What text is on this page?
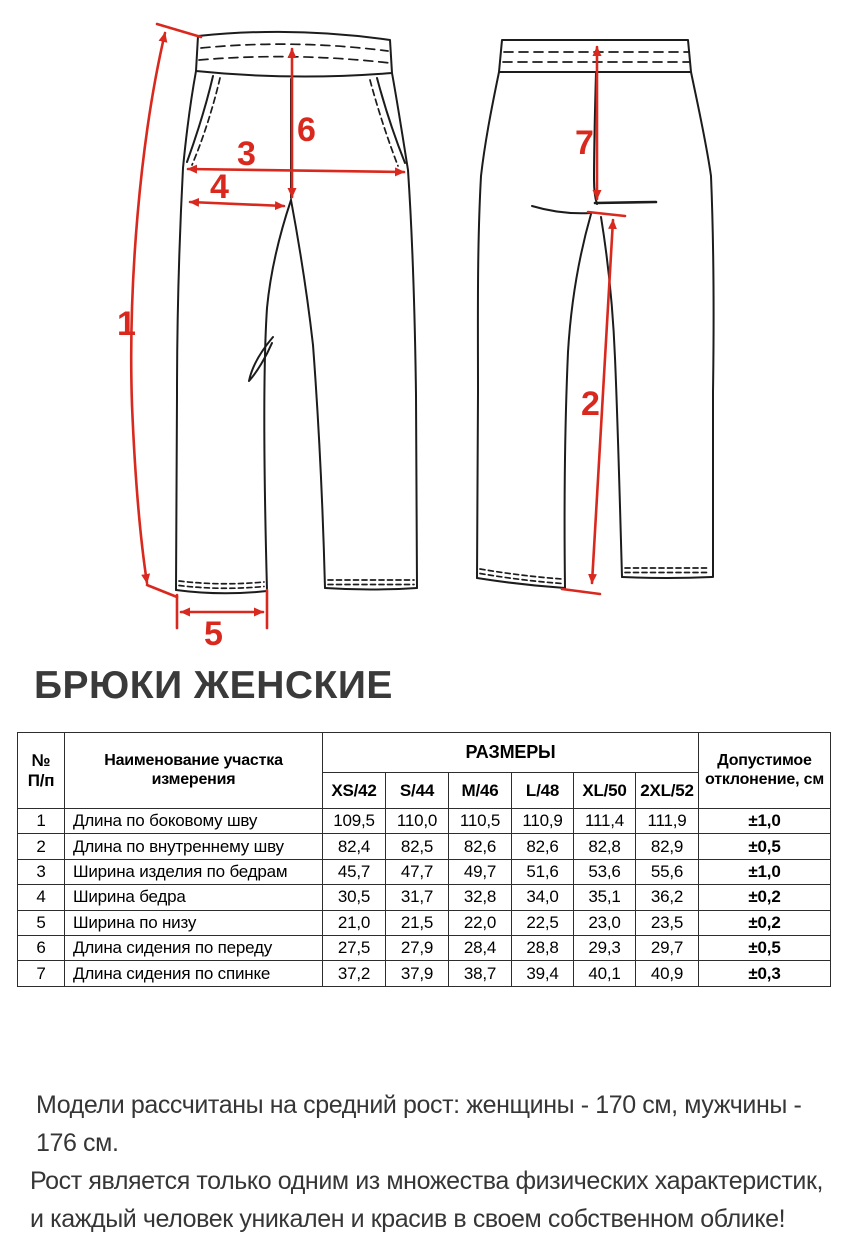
1
3
4
5
6	7
2
БРЮКИ ЖЕНСКИЕ
№
П/п	Наименование участка измерения	РАЗМЕРЫ						Допустимое
отклонение, см
		XS/42	S/44	M/46	L/48	XL/50	2XL/52	
1	Длина по боковому шву	109,5	110,0	110,5	110,9	111,4	111,9	±1,0
2	Длина по внутреннему шву	82,4	82,5	82,6	82,6	82,8	82,9	±0,5
3	Ширина изделия по бедрам	45,7	47,7	49,7	51,6	53,6	55,6	±1,0
4	Ширина бедра	30,5	31,7	32,8	34,0	35,1	36,2	±0,2
5	Ширина по низу	21,0	21,5	22,0	22,5	23,0	23,5	±0,2
6	Длина сидения по переду	27,5	27,9	28,4	28,8	29,3	29,7	±0,5
7	Длина сидения по спинке	37,2	37,9	38,7	39,4	40,1	40,9	±0,3

Модели рассчитаны на средний рост: женщины - 170 см, мужчины - 176 см.

Рост является только одним из множества физических характеристик,

и каждый человек уникален и красив в своем собственном облике!
